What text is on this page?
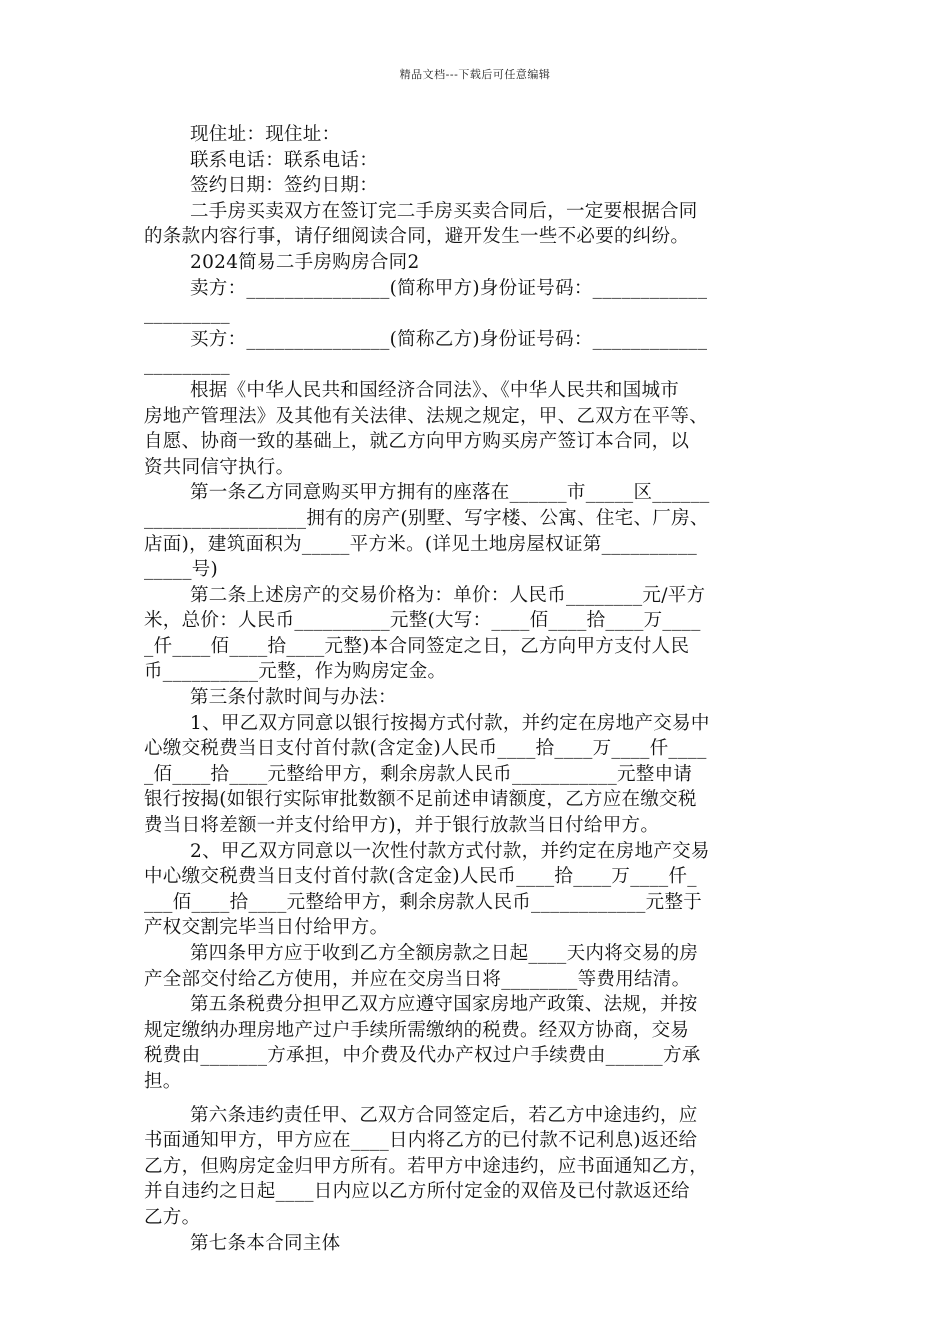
精品文档---下载后可任意编辑
现住址：现住址：
联系电话：联系电话：
签约日期：签约日期：
二手房买卖双方在签订完二手房买卖合同后，一定要根据合同
的条款内容行事，请仔细阅读合同，避开发生一些不必要的纠纷。
2024简易二手房购房合同2
卖方：_______________(简称甲方)身份证号码：____________
_________
买方：_______________(简称乙方)身份证号码：____________
_________
根据《中华人民共和国经济合同法》、《中华人民共和国城市
房地产管理法》及其他有关法律、法规之规定，甲、乙双方在平等、
自愿、协商一致的基础上，就乙方向甲方购买房产签订本合同，以
资共同信守执行。
第一条乙方同意购买甲方拥有的座落在______市_____区______
_________________拥有的房产(别墅、写字楼、公寓、住宅、厂房、
店面)，建筑面积为_____平方米。(详见土地房屋权证第__________
_____号)
第二条上述房产的交易价格为：单价：人民币________元/平方
米，总价：人民币__________元整(大写：____佰____拾____万____
_仟____佰____拾____元整)本合同签定之日，乙方向甲方支付人民
币__________元整，作为购房定金。
第三条付款时间与办法：
1、甲乙双方同意以银行按揭方式付款，并约定在房地产交易中
心缴交税费当日支付首付款(含定金)人民币____拾____万____仟____
_佰____拾____元整给甲方，剩余房款人民币___________元整申请
银行按揭(如银行实际审批数额不足前述申请额度，乙方应在缴交税
费当日将差额一并支付给甲方)，并于银行放款当日付给甲方。
2、甲乙双方同意以一次性付款方式付款，并约定在房地产交易
中心缴交税费当日支付首付款(含定金)人民币____拾____万____仟_
___佰____拾____元整给甲方，剩余房款人民币____________元整于
产权交割完毕当日付给甲方。
第四条甲方应于收到乙方全额房款之日起____天内将交易的房
产全部交付给乙方使用，并应在交房当日将________等费用结清。
第五条税费分担甲乙双方应遵守国家房地产政策、法规，并按
规定缴纳办理房地产过户手续所需缴纳的税费。经双方协商，交易
税费由_______方承担，中介费及代办产权过户手续费由______方承
担。
第六条违约责任甲、乙双方合同签定后，若乙方中途违约，应
书面通知甲方，甲方应在____日内将乙方的已付款不记利息)返还给
乙方，但购房定金归甲方所有。若甲方中途违约，应书面通知乙方，
并自违约之日起____日内应以乙方所付定金的双倍及已付款返还给
乙方。
第七条本合同主体
